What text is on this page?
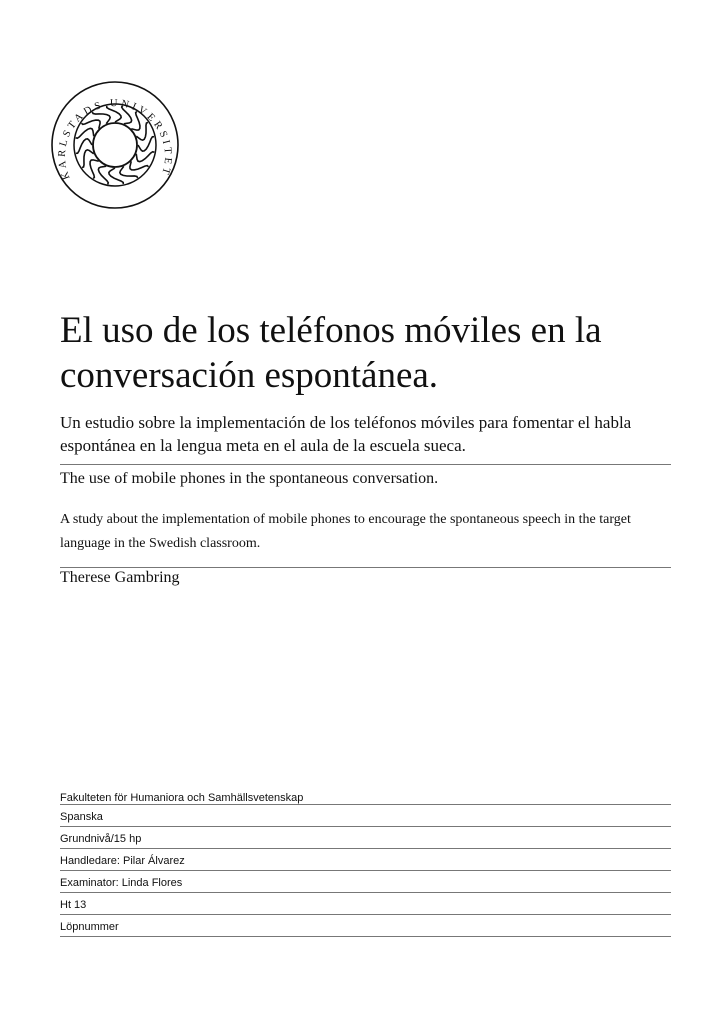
KARLSTADS UNIVERSITET
El uso de los teléfonos móviles en la conversación espontánea.
Un estudio sobre la implementación de los teléfonos móviles para fomentar el habla espontánea en la lengua meta en el aula de la escuela sueca.
The use of mobile phones in the spontaneous conversation.
A study about the implementation of mobile phones to encourage the spontaneous speech in the target language in the Swedish classroom.
Therese Gambring
Fakulteten för Humaniora och Samhällsvetenskap
Spanska
Grundnivå/15 hp
Handledare: Pilar Álvarez
Examinator: Linda Flores
Ht 13
Löpnummer
